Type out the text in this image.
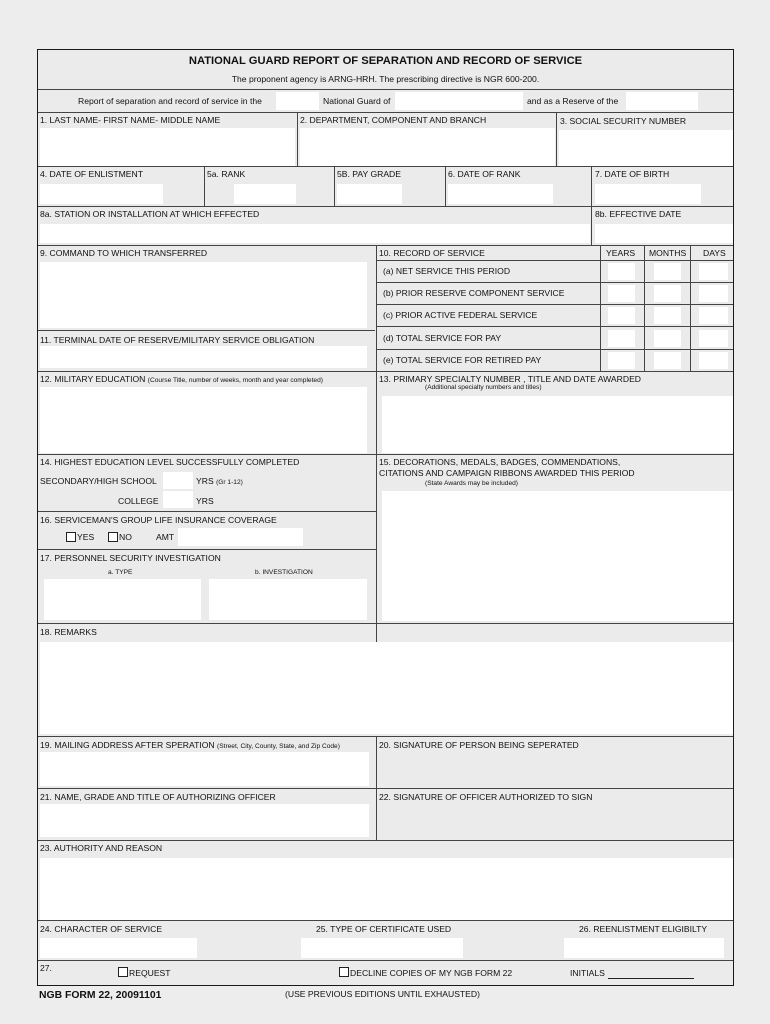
NATIONAL GUARD REPORT OF SEPARATION AND RECORD OF SERVICE
The proponent agency is ARNG-HRH. The prescribing directive is NGR 600-200.
Report of separation and record of service in the	National Guard of	and as a Reserve of the
1. LAST NAME- FIRST NAME- MIDDLE NAME	2. DEPARTMENT, COMPONENT AND BRANCH	3. SOCIAL SECURITY NUMBER
4. DATE OF ENLISTMENT	5a. RANK	5B. PAY GRADE	6. DATE OF RANK	7. DATE OF BIRTH
8a. STATION OR INSTALLATION AT WHICH EFFECTED	8b. EFFECTIVE DATE
9. COMMAND TO WHICH TRANSFERRED
11. TERMINAL DATE OF RESERVE/MILITARY SERVICE OBLIGATION
10. RECORD OF SERVICE	YEARS MONTHS DAYS
(a) NET SERVICE THIS PERIOD
(b) PRIOR RESERVE COMPONENT SERVICE
(c) PRIOR ACTIVE FEDERAL SERVICE
(d) TOTAL SERVICE FOR PAY
(e) TOTAL SERVICE FOR RETIRED PAY
12. MILITARY EDUCATION (Course Title, number of weeks, month and year completed)	13. PRIMARY SPECIALTY NUMBER , TITLE AND DATE AWARDED
(Additional specialty numbers and titles)
14. HIGHEST EDUCATION LEVEL SUCCESSFULLY COMPLETED
SECONDARY/HIGH SCHOOL	YRS (Gr 1-12)
COLLEGE	YRS
15. DECORATIONS, MEDALS, BADGES, COMMENDATIONS,
CITATIONS AND CAMPAIGN RIBBONS AWARDED THIS PERIOD
(State Awards may be included)
16. SERVICEMAN'S GROUP LIFE INSURANCE COVERAGE
YES	NO	AMT
17. PERSONNEL SECURITY INVESTIGATION
a. TYPE	b. INVESTIGATION
18. REMARKS
19. MAILING ADDRESS AFTER SPERATION (Street, City, County, State, and Zip Code)	20. SIGNATURE OF PERSON BEING SEPERATED
21. NAME, GRADE AND TITLE OF AUTHORIZING OFFICER	22. SIGNATURE OF OFFICER AUTHORIZED TO SIGN
23. AUTHORITY AND REASON
24. CHARACTER OF SERVICE	25. TYPE OF CERTIFICATE USED	26. REENLISTMENT ELIGIBILTY
27.	REQUEST	DECLINE COPIES OF MY NGB FORM 22	INITIALS
NGB FORM 22, 20091101	(USE PREVIOUS EDITIONS UNTIL EXHAUSTED)
